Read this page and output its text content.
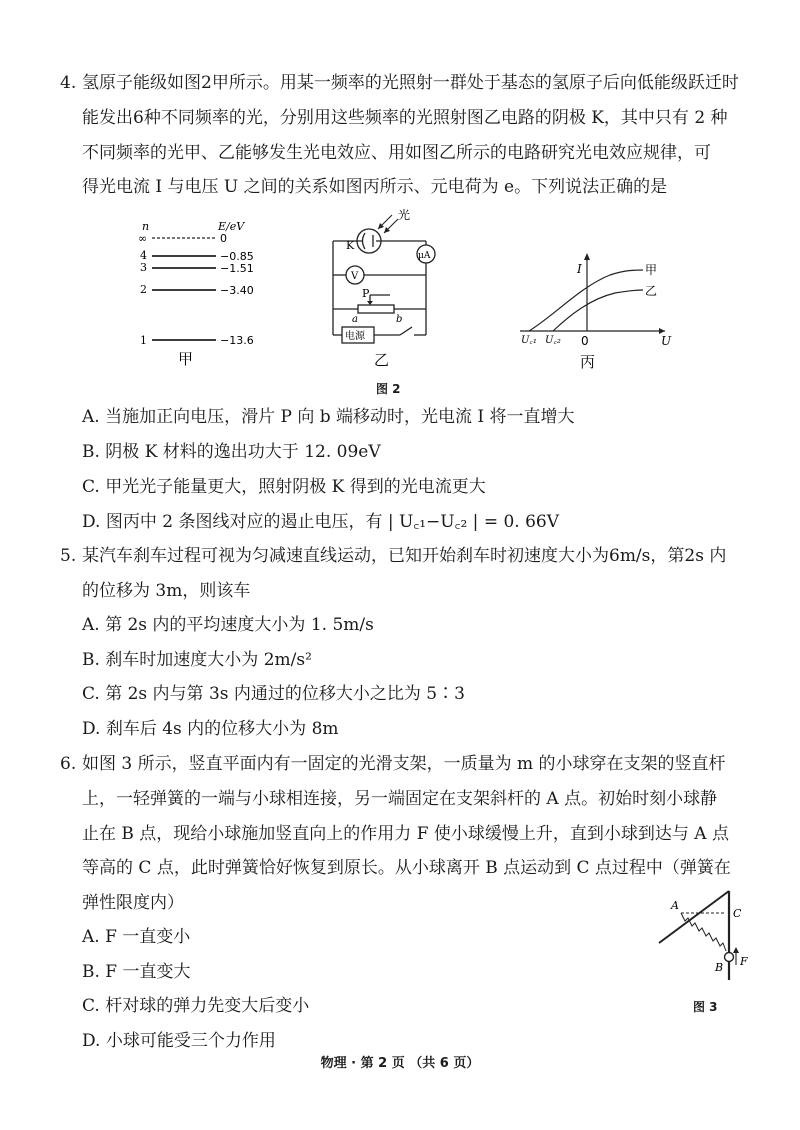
4. 氢原子能级如图2甲所示。用某一频率的光照射一群处于基态的氢原子后向低能级跃迁时
能发出6种不同频率的光，分别用这些频率的光照射图乙电路的阴极 K，其中只有 2 种
不同频率的光甲、乙能够发生光电效应、用如图乙所示的电路研究光电效应规律，可
得光电流 I 与电压 U 之间的关系如图丙所示、元电荷为 e。下列说法正确的是
n	E/eV
∞	0
4	−0.85
3	−1.51
2	−3.40
1	−13.6
甲
K
光
μA
V
P
a	b
电源
乙
I
U
0
甲
乙
U꜀₁ U꜀₂
丙
图 2
A. 当施加正向电压，滑片 P 向 b 端移动时，光电流 I 将一直增大
B. 阴极 K 材料的逸出功大于 12. 09eV
C. 甲光光子能量更大，照射阴极 K 得到的光电流更大
D. 图丙中 2 条图线对应的遏止电压，有 | U꜀₁−U꜀₂ | = 0. 66V
5. 某汽车刹车过程可视为匀减速直线运动，已知开始刹车时初速度大小为6m/s，第2s 内
的位移为 3m，则该车
A. 第 2s 内的平均速度大小为 1. 5m/s
B. 刹车时加速度大小为 2m/s²
C. 第 2s 内与第 3s 内通过的位移大小之比为 5∶3
D. 刹车后 4s 内的位移大小为 8m
6. 如图 3 所示，竖直平面内有一固定的光滑支架，一质量为 m 的小球穿在支架的竖直杆
上，一轻弹簧的一端与小球相连接，另一端固定在支架斜杆的 A 点。初始时刻小球静
止在 B 点，现给小球施加竖直向上的作用力 F 使小球缓慢上升，直到小球到达与 A 点
等高的 C 点，此时弹簧恰好恢复到原长。从小球离开 B 点运动到 C 点过程中（弹簧在
弹性限度内）
A. F 一直变小
B. F 一直变大
C. 杆对球的弹力先变大后变小
D. 小球可能受三个力作用
A
C
B F
图 3
物理 · 第 2 页 （共 6 页）
